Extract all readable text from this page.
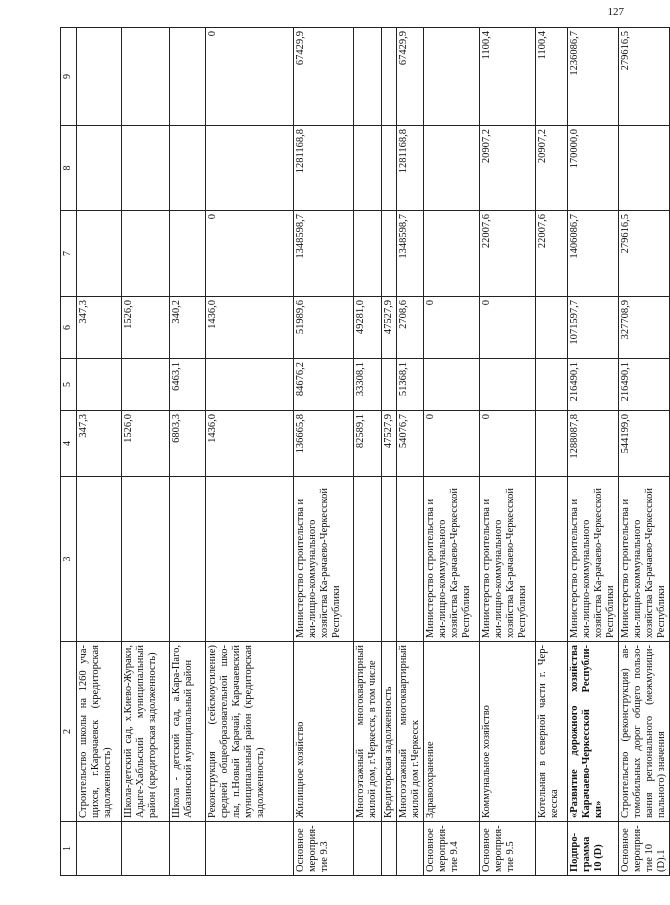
127
1	2	3	4	5	6	7	8	9
	Строительство школы на 1260 уча-щихся, г.Карачаевск (кредиторская задолженность)		347,3		347,3			
	Школа-детский сад, х.Киево-Жураки, Адыге-Хабльский муниципальный район (кредиторская задолженность)		1526,0		1526,0			
	Школа - детский сад, а.Кара-Паго, Абазинский муниципальный район		6803,3	6463,1	340,2			
	Реконструкция (сейсмоусиление) средней общеобразовательной шко-лы, п.Новый Карачай, Карачаевский муниципальный район (кредиторская задолженность)		1436,0		1436,0	0		0
Основное мероприя-тие 9.3	Жилищное хозяйство	Министерство строительства и жи-лищно-коммунального хозяйства Ка-рачаево-Черкесской Республики	136665,8	84676,2	51989,6	1348598,7	1281168,8	67429,9
	Многоэтажный многоквартирный жилой дом, г.Черкесск, в том числе		82589,1	33308,1	49281,0			
	Кредиторская задолженность		47527,9		47527,9			
	Многоэтажный многоквартирный жилой дом г.Черкесск		54076,7	51368,1	2708,6	1348598,7	1281168,8	67429,9
Основное мероприя-тие 9.4	Здравоохранение	Министерство строительства и жи-лищно-коммунального хозяйства Ка-рачаево-Черкесской Республики	0		0			
Основное мероприя-тие 9.5	Коммунальное хозяйство	Министерство строительства и жи-лищно-коммунального хозяйства Ка-рачаево-Черкесской Республики	0		0	22007,6	20907,2	1100,4
	Котельная в северной части г. Чер-кесска					22007,6	20907,2	1100,4
Подпро-грамма 10 (D)	«Развитие дорожного хозяйства Карачаево-Черкесской Республи-ки»	Министерство строительства и жи-лищно-коммунального хозяйства Ка-рачаево-Черкесской Республики	1288087,8	216490,1	1071597,7	1406086,7	170000,0	1236086,7
Основное мероприя-тие 10 (D).1	Строительство (реконструкция) ав-томобильных дорог общего пользо-вания регионального (межмуници-пального) значения	Министерство строительства и жи-лищно-коммунального хозяйства Ка-рачаево-Черкесской Республики	544199,0	216490,1	327708,9	279616,5		279616,5
